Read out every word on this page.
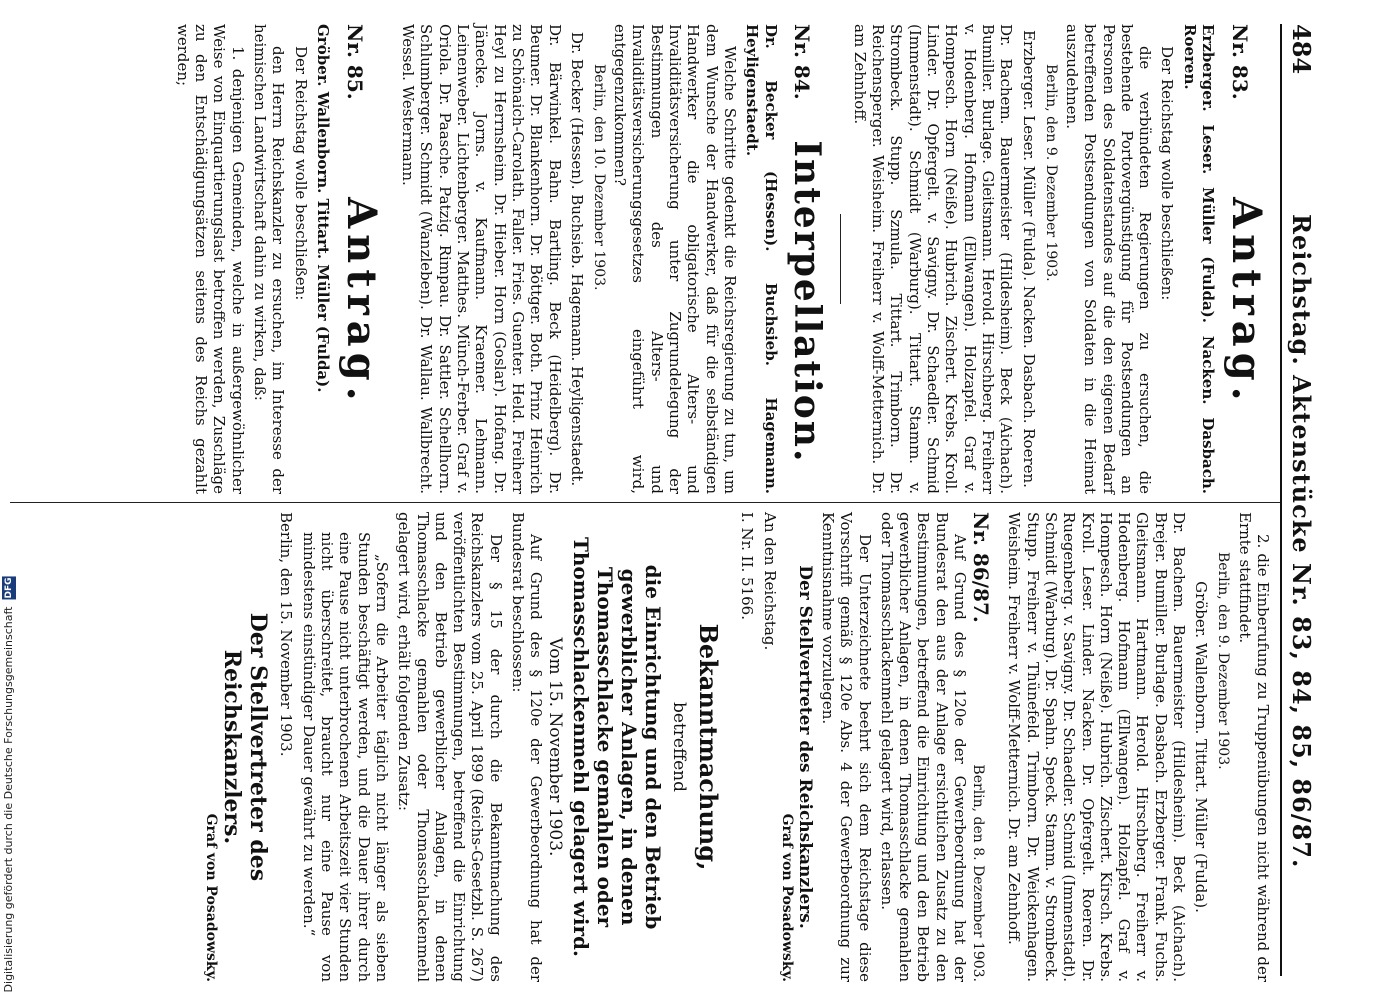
484
Reichstag. Aktenstücke Nr. 83, 84, 85, 86/87.
Nr. 83.
Antrag.

Erzberger. Leser. Müller (Fulda). Nacken. Dasbach. Roeren.

Der Reichstag wolle beschließen:

die verbündeten Regierungen zu ersuchen, die bestehende Portovergünstigung für Postsendungen an Personen des Soldatenstandes auf die den eigenen Bedarf betreffenden Postsendungen von Soldaten in die Heimat auszudehnen.

Berlin, den 9. Dezember 1903.

Erzberger. Leser. Müller (Fulda). Nacken. Dasbach. Roeren.

Dr. Bachem. Bauermeister (Hildesheim). Beck (Aichach). Bumiller. Burlage. Gleitsmann. Herold. Hirschberg. Freiherr v. Hodenberg. Hofmann (Ellwangen). Holzapfel. Graf v. Hompesch. Horn (Neiße). Hubrich. Zischert. Krebs. Kroll. Linder. Dr. Opfergelt. v. Savigny. Dr. Schaedler. Schmid (Immenstadt). Schmidt (Warburg). Tittart. Stamm. v. Strombeck. Stupp. Szmula. Tittart. Trimborn. Dr. Reichensperger. Weisheim. Freiherr v. Wolff-Metternich. Dr. am Zehnhoff.

Nr. 84.
Interpellation.

Dr. Becker (Hessen). Buchsieb. Hagemann. Heyligenstaedt.

Welche Schritte gedenkt die Reichsregierung zu tun, um dem Wunsche der Handwerker, daß für die selbständigen Handwerker die obligatorische Alters- und Invaliditätsversicherung unter Zugrundelegung der Bestimmungen des Alters- und Invaliditätsversicherungsgesetzes eingeführt wird, entgegenzukommen?

Berlin, den 10. Dezember 1903.

Dr. Becker (Hessen). Buchsieb. Hagemann. Heyligenstaedt.

Dr. Bärwinkel. Bahn. Bartling. Beck (Heidelberg). Dr. Beumer. Dr. Blankenhorn. Dr. Böttger. Both. Prinz Heinrich zu Schönaich-Carolath. Faller. Fries. Guenter. Held. Freiherr Heyl zu Herrnsheim. Dr. Hieber. Horn (Goslar). Hofang. Dr. Jänecke. Jorns. v. Kaufmann. Kraemer. Lehmann. Leinenweber. Lichtenberger. Matthes. Münch-Ferber. Graf v. Oriola. Dr. Paasche. Patzig. Rimpau. Dr. Sattler. Schellhorn. Schlumberger. Schmidt (Wanzleben). Dr. Wallau. Wallbrecht. Wessel. Westermann.

Nr. 85.
Antrag.

Gröber. Wallenborn. Tittart. Müller (Fulda).

Der Reichstag wolle beschließen:

den Herrn Reichskanzler zu ersuchen, im Interesse der heimischen Landwirtschaft dahin zu wirken, daß:

1. denjenigen Gemeinden, welche in außergewöhnlicher Weise von Einquartierungslast betroffen werden, Zuschläge zu den Entschädigungsätzen seitens des Reichs gezahlt werden;

2. die Einberufung zu Truppenübungen nicht während der Ernte stattfindet.

Berlin, den 9. Dezember 1903.

Gröber. Wallenborn. Tittart. Müller (Fulda).

Dr. Bachem. Bauermeister (Hildesheim). Beck (Aichach). Brejer. Bumiller. Burlage. Dasbach. Erzberger. Frank. Fuchs. Gleitsmann. Hartmann. Herold. Hirschberg. Freiherr v. Hodenberg. Hofmann (Ellwangen). Holzapfel. Graf v. Hompesch. Horn (Neiße). Hubrich. Zischert. Kirsch. Krebs. Kroll. Leser. Linder. Nacken. Dr. Opfergelt. Roeren. Dr. Ruegenberg. v. Savigny. Dr. Schaedler. Schmid (Immenstadt). Schmidt (Warburg). Dr. Spahn. Speck. Stamm. v. Strombeck. Stupp. Freiherr v. Thünefeld. Trimborn. Dr. Weickenhagen. Weisheim. Freiherr v. Wolff-Metternich. Dr. am Zehnhoff.

Nr. 86/87.
Berlin, den 8. Dezember 1903.

Auf Grund des § 120e der Gewerbeordnung hat der Bundesrat den aus der Anlage ersichtlichen Zusatz zu den Bestimmungen, betreffend die Einrichtung und den Betrieb gewerblicher Anlagen, in denen Thomasschlacke gemahlen oder Thomasschlackenmehl gelagert wird, erlassen.

Der Unterzeichnete beehrt sich dem Reichstage diese Vorschrift gemäß § 120e Abs. 4 der Gewerbeordnung zur Kenntnisnahme vorzulegen.

Der Stellvertreter des Reichskanzlers.
Graf von Posadowsky.

An den Reichstag.

I. Nr. II. 5166.

Bekanntmachung,
betreffend
die Einrichtung und den Betrieb gewerblicher Anlagen, in denen Thomasschlacke gemahlen oder Thomasschlackenmehl gelagert wird.
Vom 15. November 1903.

Auf Grund des § 120e der Gewerbeordnung hat der Bundesrat beschlossen:

Der § 15 der durch die Bekanntmachung des Reichskanzlers vom 25. April 1899 (Reichs-Gesetzbl. S. 267) veröffentlichten Bestimmungen, betreffend die Einrichtung und den Betrieb gewerblicher Anlagen, in denen Thomasschlacke gemahlen oder Thomasschlackenmehl gelagert wird, erhält folgenden Zusatz:

„Sofern die Arbeiter täglich nicht länger als sieben Stunden beschäftigt werden, und die Dauer ihrer durch eine Pause nicht unterbrochenen Arbeitszeit vier Stunden nicht überschreitet, braucht nur eine Pause von mindestens einstündiger Dauer gewährt zu werden.“

Berlin, den 15. November 1903.

Der Stellvertreter des Reichskanzlers.
Graf von Posadowsky.
Digitalisierung gefördert durch die Deutsche Forschungsgemeinschaft DFG
